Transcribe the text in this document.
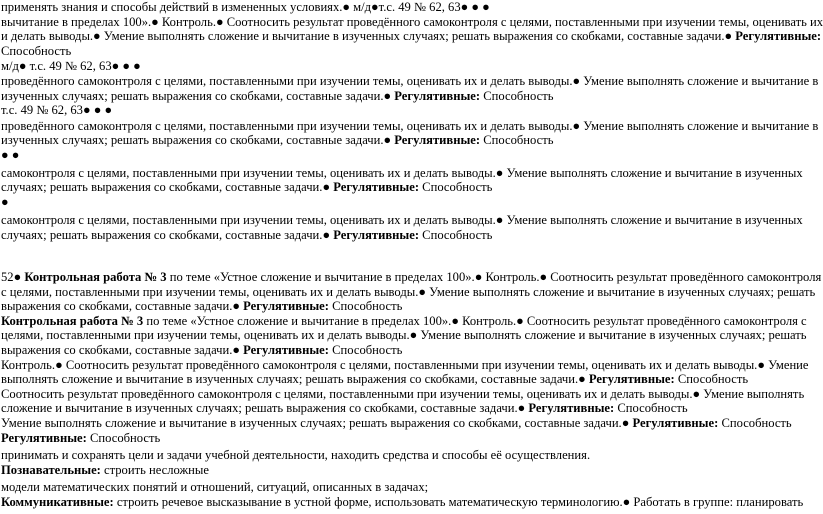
применять знания и способы действий в измененных условиях.● м/д●т.с. 49 № 62, 63● ● ●
вычитание в пределах 100».● Контроль.● Соотносить результат проведённого самоконтроля с целями, поставленными при изучении темы, оценивать их
и делать выводы.● Умение выполнять сложение и вычитание в изученных случаях; решать выражения со скобками, составные задачи.● Регулятивные:
Способность
м/д● т.с. 49 № 62, 63● ● ●
проведённого самоконтроля с целями, поставленными при изучении темы, оценивать их и делать выводы.● Умение выполнять сложение и вычитание в
изученных случаях; решать выражения со скобками, составные задачи.● Регулятивные: Способность
т.с. 49 № 62, 63● ● ●
проведённого самоконтроля с целями, поставленными при изучении темы, оценивать их и делать выводы.● Умение выполнять сложение и вычитание в
изученных случаях; решать выражения со скобками, составные задачи.● Регулятивные: Способность
● ●
самоконтроля с целями, поставленными при изучении темы, оценивать их и делать выводы.● Умение выполнять сложение и вычитание в изученных
случаях; решать выражения со скобками, составные задачи.● Регулятивные: Способность
●
самоконтроля с целями, поставленными при изучении темы, оценивать их и делать выводы.● Умение выполнять сложение и вычитание в изученных
случаях; решать выражения со скобками, составные задачи.● Регулятивные: Способность
52● Контрольная работа № 3 по теме «Устное сложение и вычитание в пределах 100».● Контроль.● Соотносить результат проведённого самоконтроля
с целями, поставленными при изучении темы, оценивать их и делать выводы.● Умение выполнять сложение и вычитание в изученных случаях; решать
выражения со скобками, составные задачи.● Регулятивные: Способность
Контрольная работа № 3 по теме «Устное сложение и вычитание в пределах 100».● Контроль.● Соотносить результат проведённого самоконтроля с
целями, поставленными при изучении темы, оценивать их и делать выводы.● Умение выполнять сложение и вычитание в изученных случаях; решать
выражения со скобками, составные задачи.● Регулятивные: Способность
Контроль.● Соотносить результат проведённого самоконтроля с целями, поставленными при изучении темы, оценивать их и делать выводы.● Умение
выполнять сложение и вычитание в изученных случаях; решать выражения со скобками, составные задачи.● Регулятивные: Способность
Соотносить результат проведённого самоконтроля с целями, поставленными при изучении темы, оценивать их и делать выводы.● Умение выполнять
сложение и вычитание в изученных случаях; решать выражения со скобками, составные задачи.● Регулятивные: Способность
Умение выполнять сложение и вычитание в изученных случаях; решать выражения со скобками, составные задачи.● Регулятивные: Способность
Регулятивные: Способность
принимать и сохранять цели и задачи учебной деятельности, находить средства и способы её осуществления.
Познавательные: строить несложные
модели математических понятий и отношений, ситуаций, описанных в задачах;
Коммуникативные: строить речевое высказывание в устной форме, использовать математическую терминологию.● Работать в группе: планировать
